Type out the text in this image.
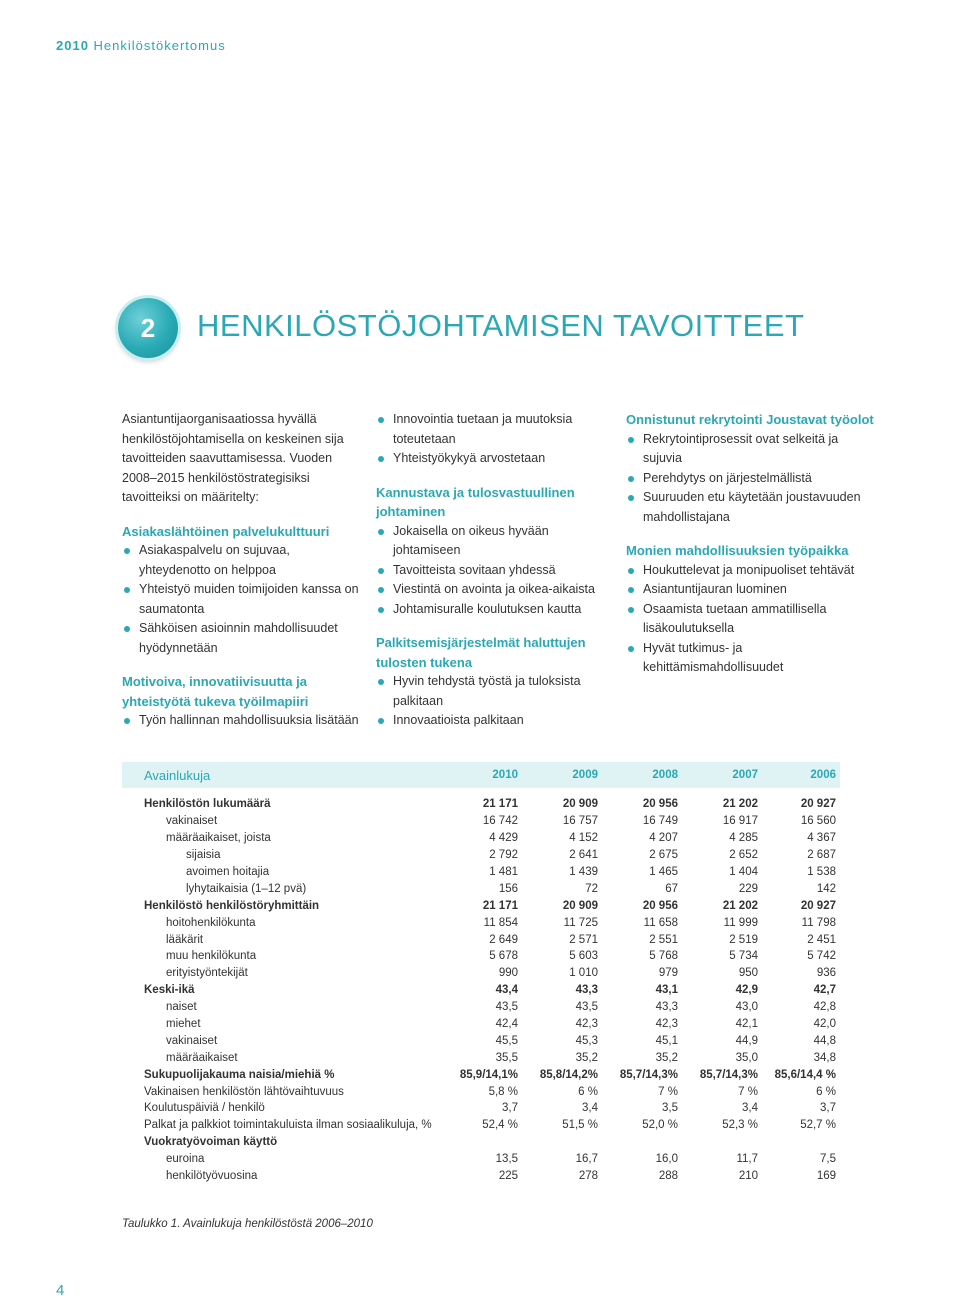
2010 Henkilöstökertomus
2	HENKILÖSTÖJOHTAMISEN TAVOITTEET

Asiantuntijaorganisaatiossa hyvällä henkilöstöjohtamisella on keskeinen sija tavoitteiden saavuttamisessa. Vuoden 2008–2015 henkilöstöstrategisiksi tavoitteiksi on määritelty:

Asiakaslähtöinen palvelukulttuuri

Asiakaspalvelu on sujuvaa, yhteydenotto on helppoa
Yhteistyö muiden toimijoiden kanssa on saumatonta
Sähköisen asioinnin mahdollisuudet hyödynnetään

Motivoiva, innovatiivisuutta ja yhteistyötä tukeva työilmapiiri

Työn hallinnan mahdollisuuksia lisätään
Innovointia tuetaan ja muutoksia toteutetaan
Yhteistyökykyä arvostetaan

Kannustava ja tulosvastuullinen johtaminen

Jokaisella on oikeus hyvään johtamiseen
Tavoitteista sovitaan yhdessä
Viestintä on avointa ja oikea-aikaista
Johtamisuralle koulutuksen kautta

Palkitsemisjärjestelmät haluttujen tulosten tukena

Hyvin tehdystä työstä ja tuloksista palkitaan
Innovaatioista palkitaan

Onnistunut rekrytointi Joustavat työolot

Rekrytointiprosessit ovat selkeitä ja sujuvia
Perehdytys on järjestelmällistä
Suuruuden etu käytetään joustavuuden mahdollistajana

Monien mahdollisuuksien työpaikka

Houkuttelevat ja monipuoliset tehtävät
Asiantuntijauran luominen
Osaamista tuetaan ammatillisella lisäkoulutuksella
Hyvät tutkimus- ja kehittämismahdollisuudet
Avainlukuja	2010	2009	2008	2007	2006
Henkilöstön lukumäärä	21 171	20 909	20 956	21 202	20 927
vakinaiset	16 742	16 757	16 749	16 917	16 560
määräaikaiset, joista	4 429	4 152	4 207	4 285	4 367
sijaisia	2 792	2 641	2 675	2 652	2 687
avoimen hoitajia	1 481	1 439	1 465	1 404	1 538
lyhytaikaisia (1–12 pvä)	156	72	67	229	142
Henkilöstö henkilöstöryhmittäin	21 171	20 909	20 956	21 202	20 927
hoitohenkilökunta	11 854	11 725	11 658	11 999	11 798
lääkärit	2 649	2 571	2 551	2 519	2 451
muu henkilökunta	5 678	5 603	5 768	5 734	5 742
erityistyöntekijät	990	1 010	979	950	936
Keski-ikä	43,4	43,3	43,1	42,9	42,7
naiset	43,5	43,5	43,3	43,0	42,8
miehet	42,4	42,3	42,3	42,1	42,0
vakinaiset	45,5	45,3	45,1	44,9	44,8
määräaikaiset	35,5	35,2	35,2	35,0	34,8
Sukupuolijakauma naisia/miehiä %	85,9/14,1%	85,8/14,2%	85,7/14,3%	85,7/14,3%	85,6/14,4 %
Vakinaisen henkilöstön lähtövaihtuvuus	5,8 %	6 %	7 %	7 %	6 %
Koulutuspäiviä / henkilö	3,7	3,4	3,5	3,4	3,7
Palkat ja palkkiot toimintakuluista ilman sosiaalikuluja, %	52,4 %	51,5 %	52,0 %	52,3 %	52,7 %
Vuokratyövoiman käyttö
euroina	13,5	16,7	16,0	11,7	7,5
henkilötyövuosina	225	278	288	210	169
Taulukko 1. Avainlukuja henkilöstöstä 2006–2010
4
